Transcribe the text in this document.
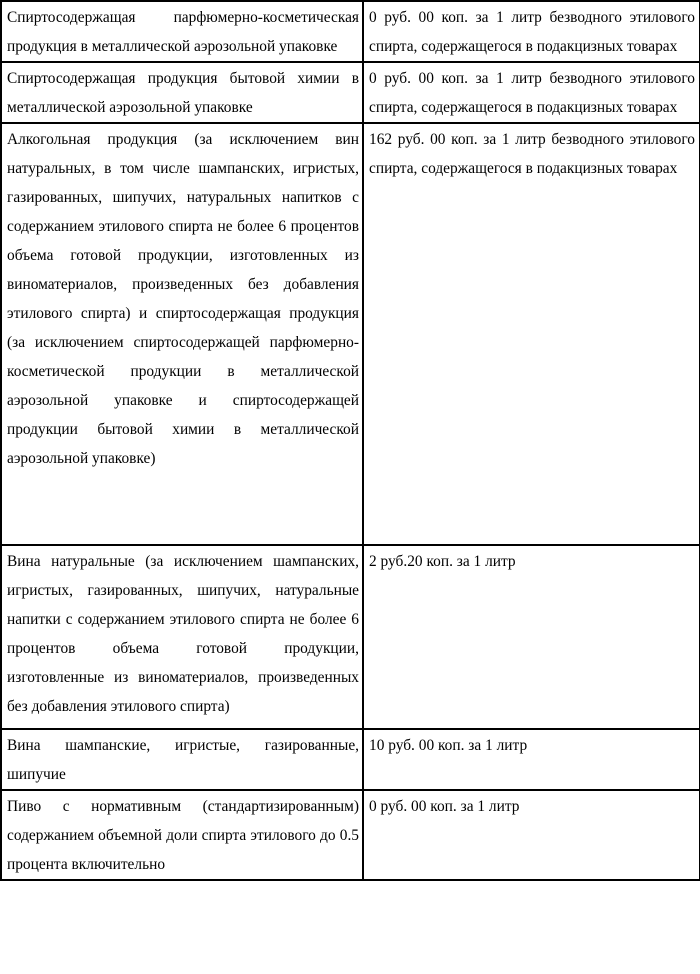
Спиртосодержащая парфюмерно-косметическая продукция в металлической аэрозольной упаковке	0 руб. 00 коп. за 1 литр безводного этилового спирта, содержащегося в подакцизных товарах
Спиртосодержащая продукция бытовой химии в металлической аэрозольной упаковке	0 руб. 00 коп. за 1 литр безводного этилового спирта, содержащегося в подакцизных товарах
Алкогольная продукция (за исключением вин натуральных, в том числе шампанских, игристых, газированных, шипучих, натуральных напитков с содержанием этилового спирта не более 6 процентов объема готовой продукции, изготовленных из виноматериалов, произведенных без добавления этилового спирта) и спиртосодержащая продукция (за исключением спиртосодержащей парфюмерно-косметической продукции в металлической аэрозольной упаковке и спиртосодержащей продукции бытовой химии в металлической аэрозольной упаковке)	162 руб. 00 коп. за 1 литр безводного этилового спирта, содержащегося в подакцизных товарах
Вина натуральные (за исключением шампанских, игристых, газированных, шипучих, натуральные напитки с содержанием этилового спирта не более 6 процентов объема готовой продукции, изготовленные из виноматериалов, произведенных без добавления этилового спирта)	2 руб.20 коп. за 1 литр
Вина шампанские, игристые, газированные, шипучие	10 руб. 00 коп. за 1 литр
Пиво с нормативным (стандартизированным) содержанием объемной доли спирта этилового до 0.5 процента включительно	0 руб. 00 коп. за 1 литр
